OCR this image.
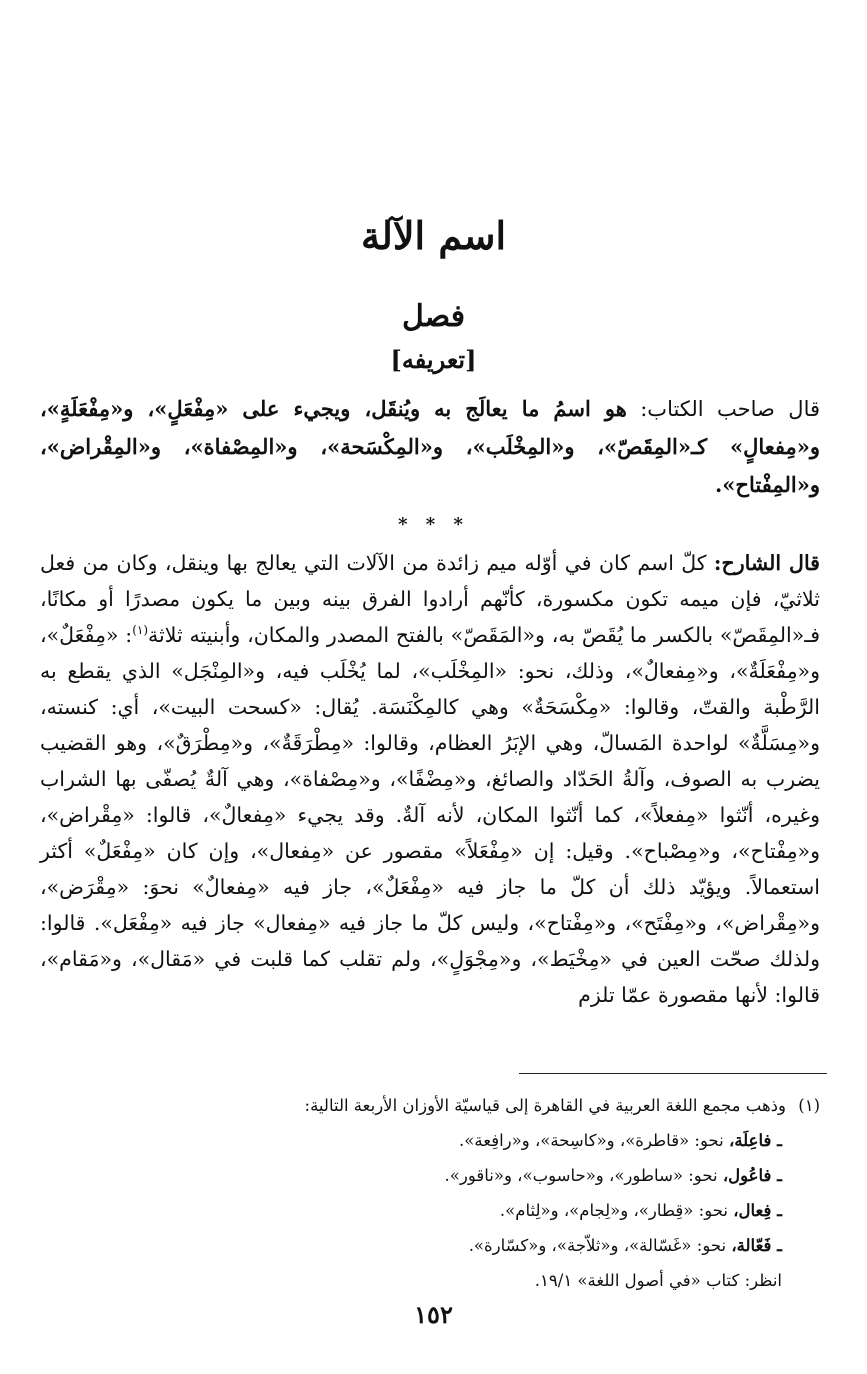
اسم الآلة
فصل
[تعريفه]
قال صاحب الكتاب: هو اسمُ ما يعالَج به ويُنقَل، ويجيء على «مِفْعَلٍ»، و«مِفْعَلَةٍ»، و«مِفعالٍ» كـ«المِقَصّ»، و«المِخْلَب»، و«المِكْسَحة»، و«المِصْفاة»، و«المِقْراض»، و«المِفْتاح».
* * *

قال الشارح: كلّ اسم كان في أوّله ميم زائدة من الآلات التي يعالج بها وينقل، وكان من فعل ثلاثيّ، فإن ميمه تكون مكسورة، كأنّهم أرادوا الفرق بينه وبين ما يكون مصدرًا أو مكانًا، فـ«المِقَصّ» بالكسر ما يُقَصّ به، و«المَقَصّ» بالفتح المصدر والمكان، وأبنيته ثلاثة$^{(١)}$: «مِفْعَلٌ»، و«مِفْعَلَةٌ»، و«مِفعالٌ»، وذلك، نحو: «المِخْلَب»، لما يُخْلَب فيه، و«المِنْجَل» الذي يقطع به الرَّطْبة والقتّ، وقالوا: «مِكْسَحَةٌ» وهي كالمِكْنَسَة. يُقال: «كسحت البيت»، أي: كنسته، و«مِسَلَّةٌ» لواحدة المَسالّ، وهي الإبَرُ العظام، وقالوا: «مِطْرَقَةٌ»، و«مِطْرَقٌ»، وهو القضيب يضرب به الصوف، وآلةُ الحَدّاد والصائغ، و«مِضْفًا»، و«مِصْفاة»، وهي آلةٌ يُصفّى بها الشراب وغيره، أنّثوا «مِفعلاً»، كما أنّثوا المكان، لأنه آلةٌ. وقد يجيء «مِفعالٌ»، قالوا: «مِقْراض»، و«مِفْتاح»، و«مِصْباح». وقيل: إن «مِفْعَلاً» مقصور عن «مِفعال»، وإن كان «مِفْعَلٌ» أكثر استعمالاً. ويؤيّد ذلك أن كلّ ما جاز فيه «مِفْعَلٌ»، جاز فيه «مِفعالٌ» نحوَ: «مِقْرَض»، و«مِقْراض»، و«مِفْتَح»، و«مِفْتاح»، وليس كلّ ما جاز فيه «مِفعال» جاز فيه «مِفْعَل». قالوا: ولذلك صحّت العين في «مِخْيَط»، و«مِجْوَلٍ»، ولم تقلب كما قلبت في «مَقال»، و«مَقام»، قالوا: لأنها مقصورة عمّا تلزم

(١)وذهب مجمع اللغة العربية في القاهرة إلى قياسيّة الأوزان الأربعة التالية:

ـ فاعِلَة، نحو: «قاطرة»، و«كاسِحة»، و«رافِعة».

ـ فاعُول، نحو: «ساطور»، و«حاسوب»، و«ناقور».

ـ فِعال، نحو: «قِطار»، و«لِجام»، و«لِثام».

ـ فَعّالة، نحو: «غَسّالة»، و«ثلاّجة»، و«كسّارة».

انظر: كتاب «في أصول اللغة» ١٩/١.

١٥٢
